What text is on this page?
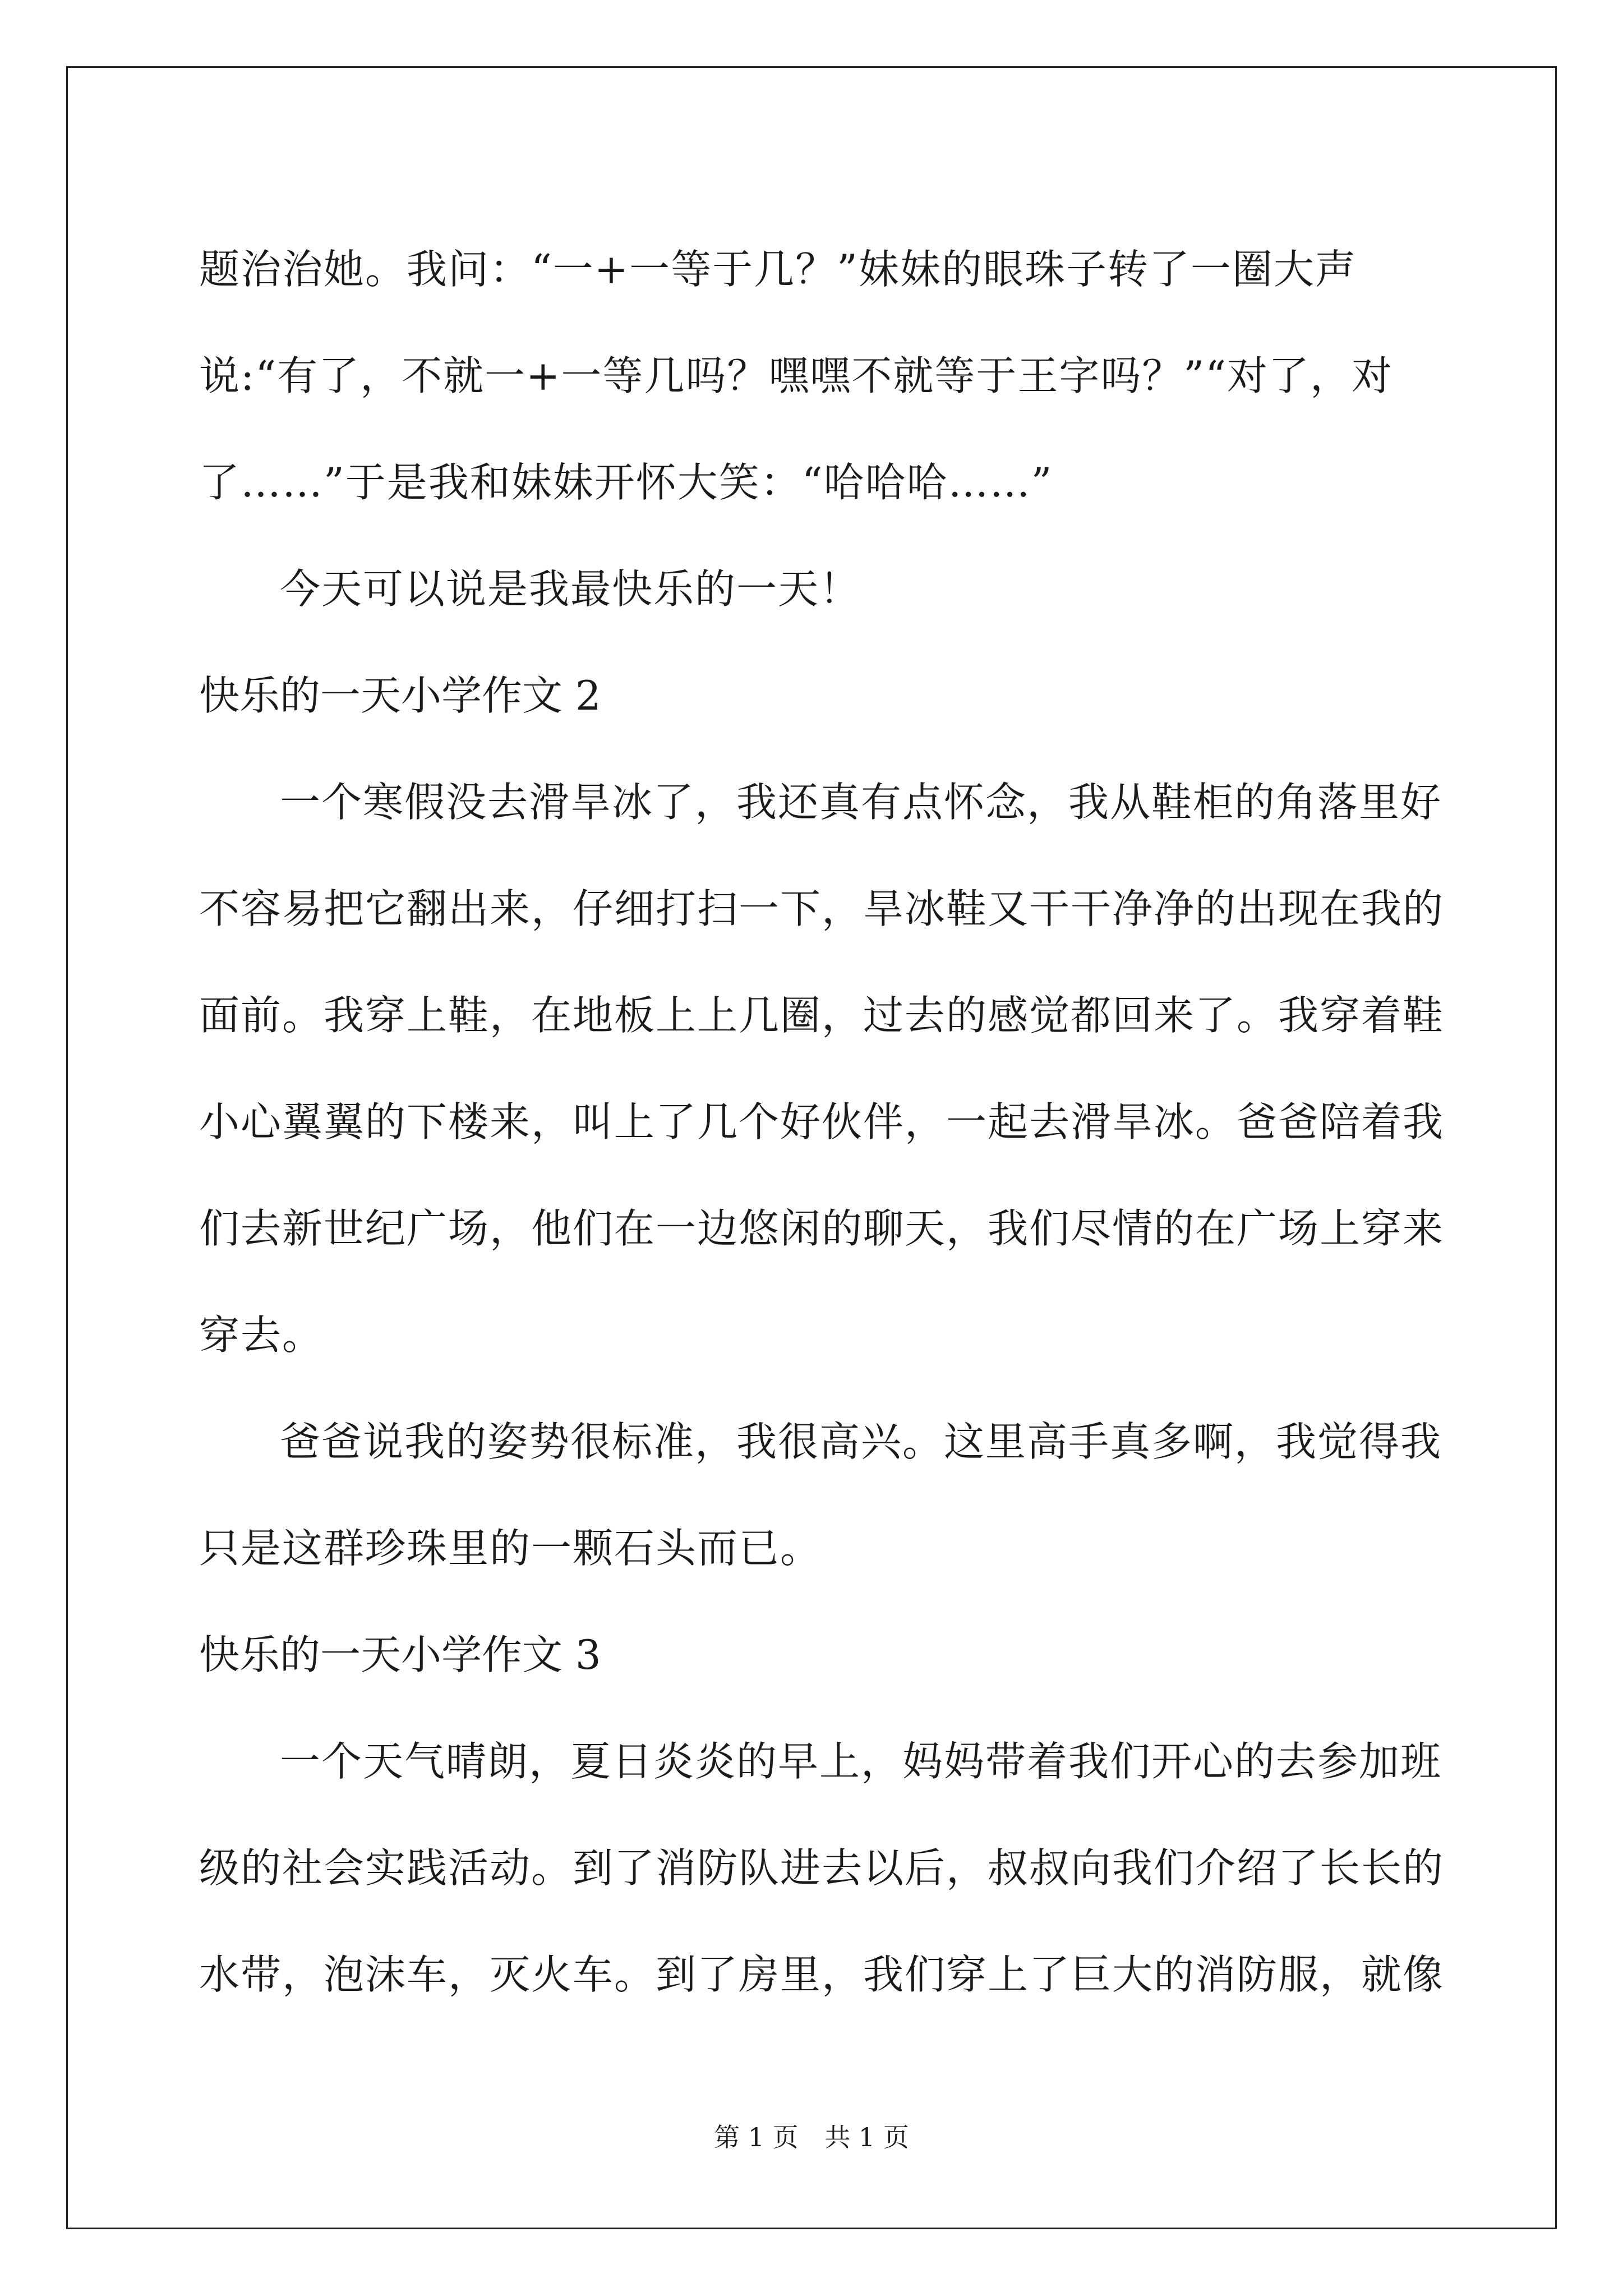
题治治她。我问：“一+一等于几？”妹妹的眼珠子转了一圈大声
说:“有了，不就一+一等几吗？嘿嘿不就等于王字吗？”“对了，对
了……”于是我和妹妹开怀大笑：“哈哈哈……”
今天可以说是我最快乐的一天！
快乐的一天小学作文 2
一个寒假没去滑旱冰了，我还真有点怀念，我从鞋柜的角落里好
不容易把它翻出来，仔细打扫一下，旱冰鞋又干干净净的出现在我的
面前。我穿上鞋，在地板上上几圈，过去的感觉都回来了。我穿着鞋
小心翼翼的下楼来，叫上了几个好伙伴，一起去滑旱冰。爸爸陪着我
们去新世纪广场，他们在一边悠闲的聊天，我们尽情的在广场上穿来
穿去。
爸爸说我的姿势很标准，我很高兴。这里高手真多啊，我觉得我
只是这群珍珠里的一颗石头而已。
快乐的一天小学作文 3
一个天气晴朗，夏日炎炎的早上，妈妈带着我们开心的去参加班
级的社会实践活动。到了消防队进去以后，叔叔向我们介绍了长长的
水带，泡沫车，灭火车。到了房里，我们穿上了巨大的消防服，就像
第 1 页 共 1 页
